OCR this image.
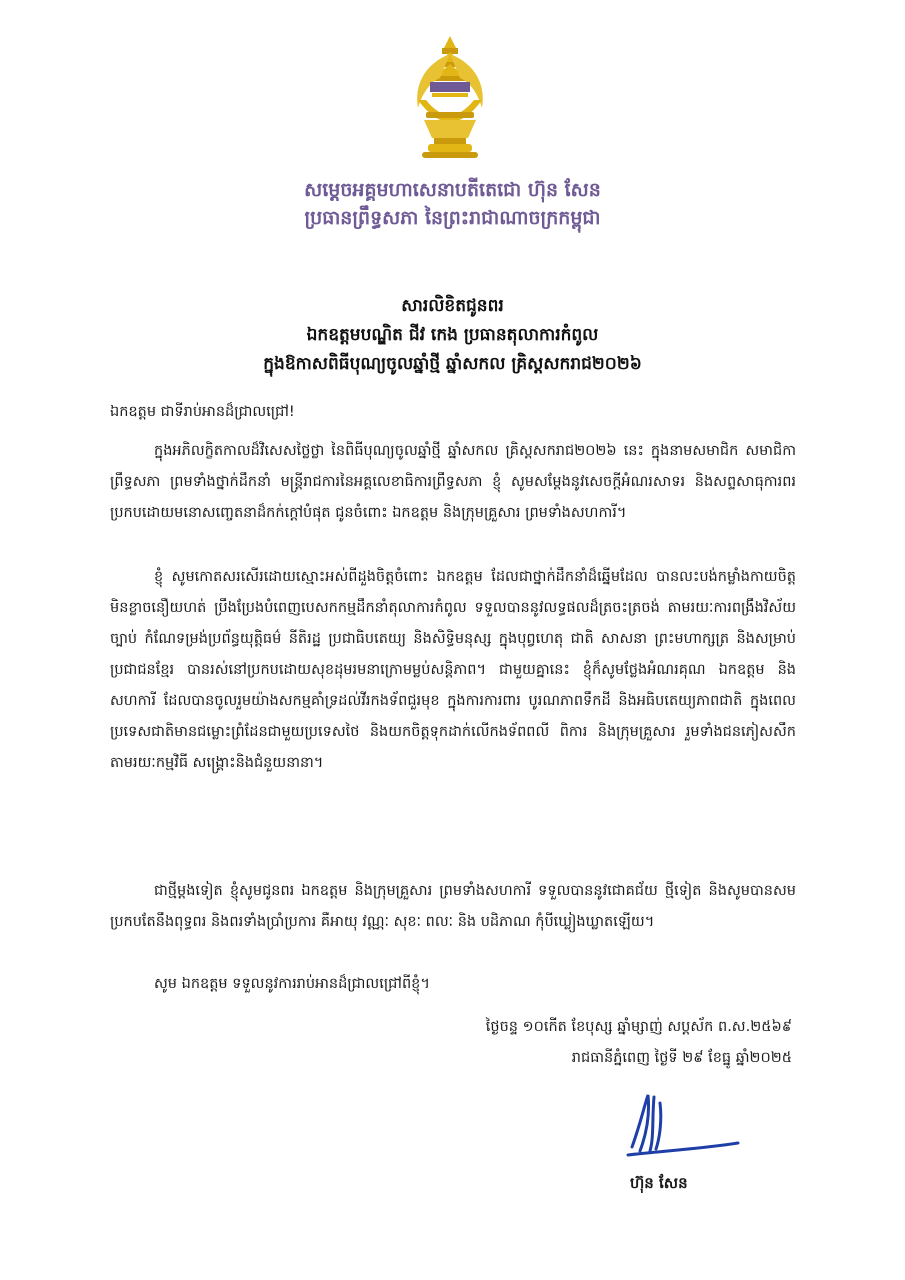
សម្តេចអគ្គមហាសេនាបតីតេជោ ហ៊ុន សែន
ប្រធានព្រឹទ្ធសភា នៃព្រះរាជាណាចក្រកម្ពុជា
សារលិខិតជូនពរ
ឯកឧត្តមបណ្ឌិត ជីវ កេង ប្រធានតុលាការកំពូល
ក្នុងឱកាសពិធីបុណ្យចូលឆ្នាំថ្មី ឆ្នាំសកល គ្រិស្តសករាជ២០២៦
ឯកឧត្តម ជាទីរាប់អានដ៏ជ្រាលជ្រៅ!

ក្នុងអភិលក្ខិតកាលដ៏វិសេសថ្លៃថ្លា នៃពិធីបុណ្យចូលឆ្នាំថ្មី ឆ្នាំសកល គ្រិស្តសករាជ២០២៦ នេះ ក្នុងនាមសមាជិក សមាជិកា ព្រឹទ្ធសភា ព្រមទាំងថ្នាក់ដឹកនាំ មន្ត្រីរាជការនៃអគ្គលេខាធិការព្រឹទ្ធសភា ខ្ញុំ សូមសម្តែងនូវសេចក្តីអំណរសាទរ និងសព្ទសាធុការពរ ប្រកបដោយមនោសញ្ចេតនាដ៏កក់ក្តៅបំផុត ជូនចំពោះ ឯកឧត្តម និងក្រុមគ្រួសារ ព្រមទាំងសហការី។

ខ្ញុំ សូមកោតសរសើរដោយស្មោះអស់ពីដួងចិត្តចំពោះ ឯកឧត្តម ដែលជាថ្នាក់ដឹកនាំដ៏ឆ្នើមដែល បានលះបង់កម្លាំងកាយចិត្ត មិនខ្លាចនឿយហត់ ប្រឹងប្រែងបំពេញបេសកកម្មដឹកនាំតុលាការកំពូល ទទួលបាននូវលទ្ធផលដ៏ត្រចះត្រចង់ តាមរយៈការពង្រឹងវិស័យច្បាប់ កំណែទម្រង់ប្រព័ន្ធយុត្តិធម៌ នីតិរដ្ឋ ប្រជាធិបតេយ្យ និងសិទ្ធិមនុស្ស ក្នុងបុព្វហេតុ ជាតិ សាសនា ព្រះមហាក្សត្រ និងសម្រាប់ប្រជាជនខ្មែរ បានរស់នៅប្រកបដោយសុខដុមរមនាក្រោមម្លប់សន្តិភាព។ ជាមួយគ្នានេះ ខ្ញុំក៏សូមថ្លែងអំណរគុណ ឯកឧត្តម និងសហការី ដែលបានចូលរួមយ៉ាងសកម្មគាំទ្រដល់វីរកងទ័ពជួរមុខ ក្នុងការការពារ បូរណភាពទឹកដី និងអធិបតេយ្យភាពជាតិ ក្នុងពេលប្រទេសជាតិមានជម្លោះព្រំដែនជាមួយប្រទេសថៃ និងយកចិត្តទុកដាក់លើកងទ័ពពលី ពិការ និងក្រុមគ្រួសារ រួមទាំងជនភៀសសឹក តាមរយៈកម្មវិធី សង្គ្រោះនិងជំនួយនានា។

ជាថ្មីម្តងទៀត ខ្ញុំសូមជូនពរ ឯកឧត្តម និងក្រុមគ្រួសារ ព្រមទាំងសហការី ទទួលបាននូវជោគជ័យ ថ្មីទៀត និងសូមបានសមប្រកបតែនឹងពុទ្ធពរ និងពរទាំងប្រាំប្រការ គឺអាយុ វណ្ណៈ សុខៈ ពលៈ និង បដិភាណ កុំបីឃ្លៀងឃ្លាតឡើយ។

សូម ឯកឧត្តម ទទួលនូវការរាប់អានដ៏ជ្រាលជ្រៅពីខ្ញុំ។
ថ្ងៃចន្ទ ១០កើត ខែបុស្ស ឆ្នាំម្សាញ់ សប្តស័ក ព.ស.២៥៦៩
រាជធានីភ្នំពេញ ថ្ងៃទី ២៩ ខែធ្នូ ឆ្នាំ២០២៥
ហ៊ុន សែន
